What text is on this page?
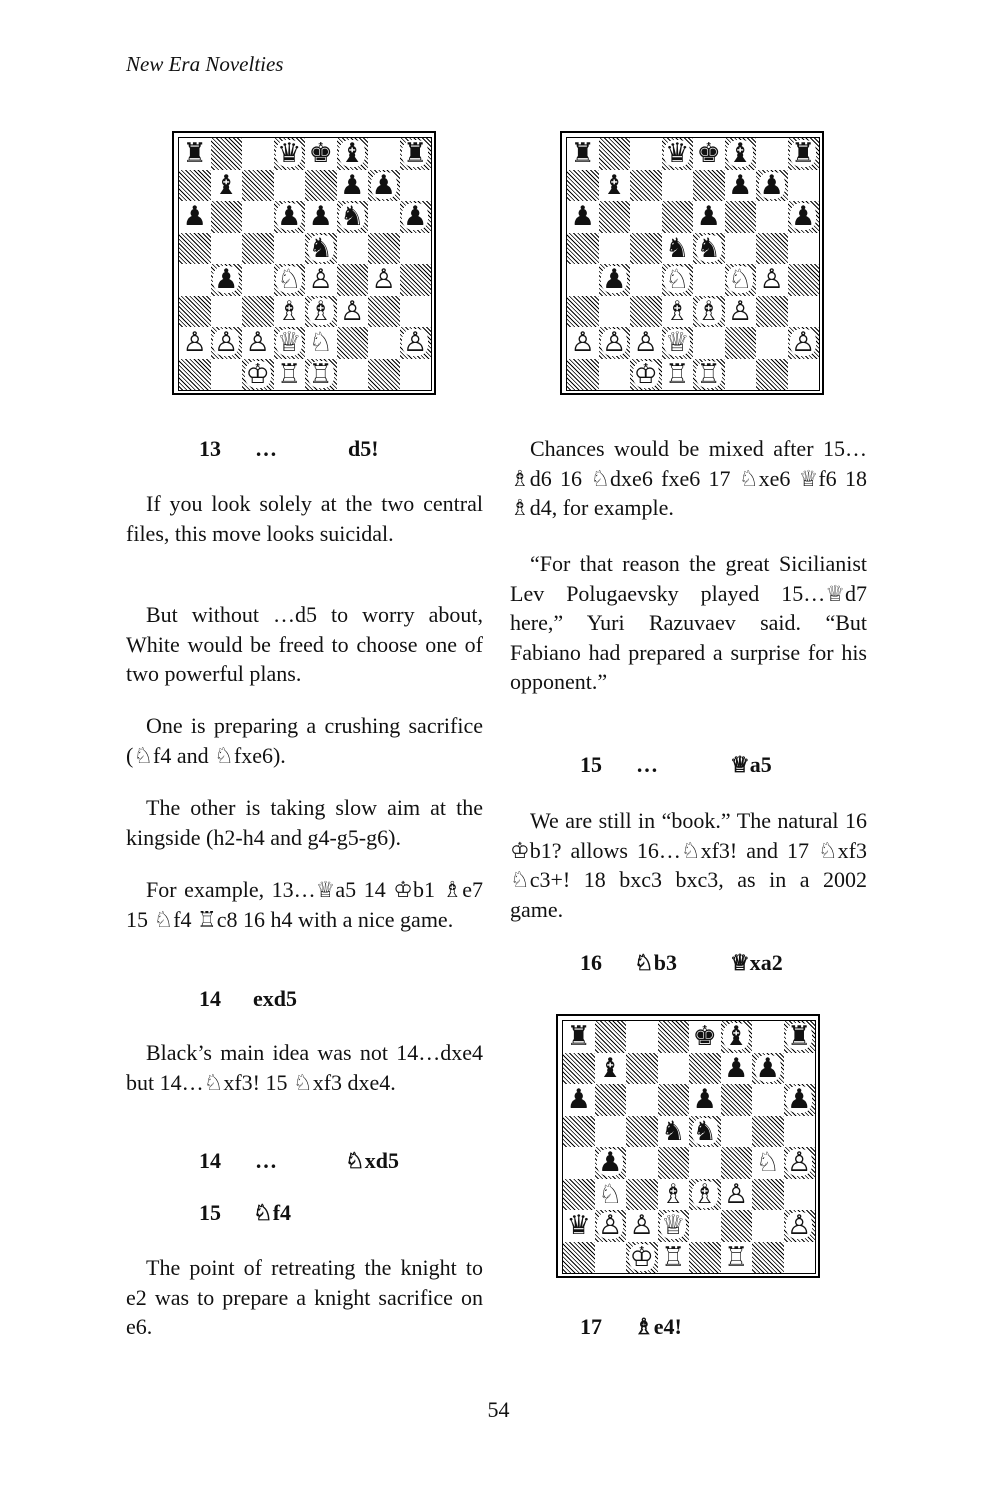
New Era Novelties
♜	♛ ♚ ♝ ♜
♝	♟ ♟
♟	♟ ♟ ♞ ♟
♞
♟ ♘ ♙ ♙
♗ ♗ ♙
♙ ♙ ♙ ♕ ♘	♙
♔ ♖ ♖
13 …	d5!

If you look solely at the two central files, this move looks suicidal.

But without …d5 to worry about, White would be freed to choose one of two powerful plans.

One is preparing a crushing sacrifice (♘f4 and ♘fxe6).

The other is taking slow aim at the kingside (h2-h4 and g4-g5-g6).

For example, 13…♕a5 14 ♔b1 ♗e7 15 ♘f4 ♖c8 16 h4 with a nice game.

14 exd5

Black’s main idea was not 14…dxe4 but 14…♘xf3! 15 ♘xf3 dxe4.

14 …	♘xd5
15 ♘f4

The point of retreating the knight to e2 was to prepare a knight sacrifice on e6.

♜	♛ ♚ ♝ ♜
♝	♟ ♟
♟	♟	♟
♞ ♞
♟ ♘ ♘ ♙
♗ ♗ ♙
♙ ♙ ♙ ♕	♙
♔ ♖ ♖

Chances would be mixed after 15…♗d6 16 ♘dxe6 fxe6 17 ♘xe6 ♕f6 18 ♗d4, for example.

“For that reason the great Sicilianist Lev Polugaevsky played 15…♕d7 here,” Yuri Razuvaev said. “But Fabiano had prepared a surprise for his opponent.”

15 …	♕a5

We are still in “book.” The natural 16 ♔b1? allows 16…♘xf3! and 17 ♘xf3 ♘c3+! 18 bxc3 bxc3, as in a 2002 game.

16 ♘b3 ♕xa2
♜	♚ ♝ ♜
♝	♟ ♟
♟	♟	♟
♞ ♞
♟	♘ ♙
♘ ♗ ♗ ♙
♛ ♙ ♙ ♕	♙
♔ ♖ ♖
17 ♗e4!
54
